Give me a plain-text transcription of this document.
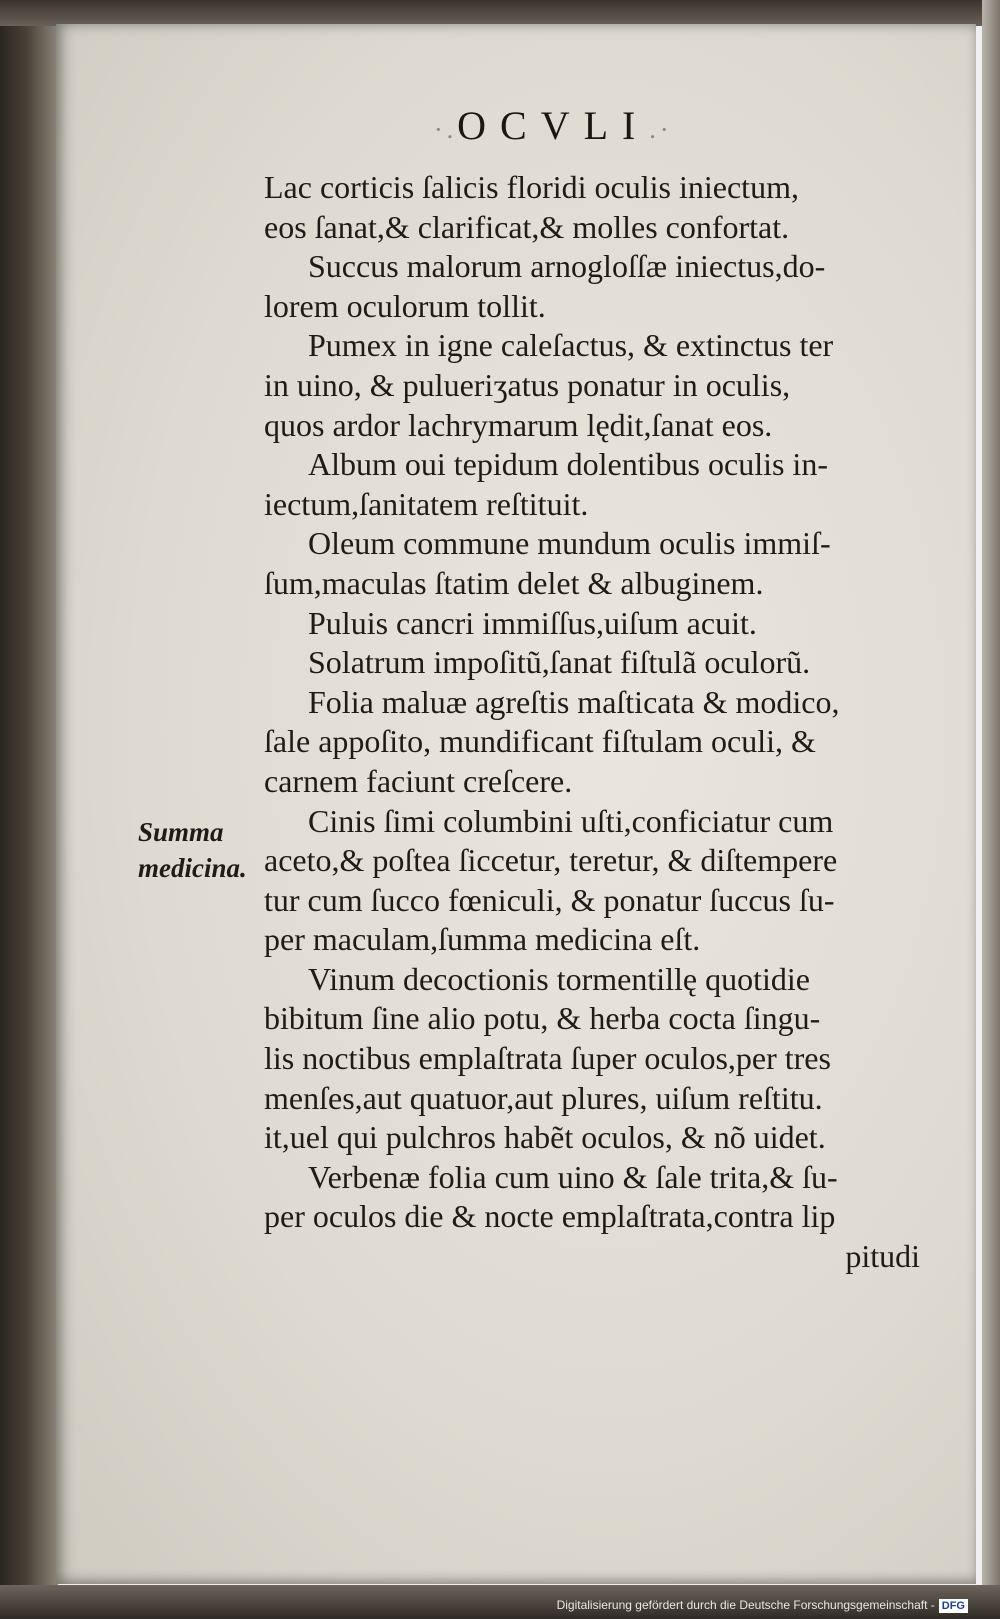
·.OCVLI.·
Summa
medicina.
Lac corticis ſalicis floridi oculis iniectum,
eos ſanat,& clarificat,& molles confortat.
Succus malorum arnogloſſæ iniectus,do-
lorem oculorum tollit.
Pumex in igne caleſactus, & extinctus ter
in uino, & pulueriʒatus ponatur in oculis,
quos ardor lachrymarum lędit,ſanat eos.
Album oui tepidum dolentibus oculis in-
iectum,ſanitatem reſtituit.
Oleum commune mundum oculis immiſ-
ſum,maculas ſtatim delet & albuginem.
Puluis cancri immiſſus,uiſum acuit.
Solatrum impoſitũ,ſanat fiſtulã oculorũ.
Folia maluæ agreſtis maſticata & modico,
ſale appoſito, mundificant fiſtulam oculi, &
carnem faciunt creſcere.
Cinis ſimi columbini uſti,conficiatur cum
aceto,& poſtea ſiccetur, teretur, & diſtempere
tur cum ſucco fœniculi, & ponatur ſuccus ſu-
per maculam,ſumma medicina eſt.
Vinum decoctionis tormentillę quotidie
bibitum ſine alio potu, & herba cocta ſingu-
lis noctibus emplaſtrata ſuper oculos,per tres
menſes,aut quatuor,aut plures, uiſum reſtitu.
it,uel qui pulchros habẽt oculos, & nõ uidet.
Verbenæ folia cum uino & ſale trita,& ſu-
per oculos die & nocte emplaſtrata,contra lip
pitudi
Digitalisierung gefördert durch die Deutsche Forschungsgemeinschaft - DFG
